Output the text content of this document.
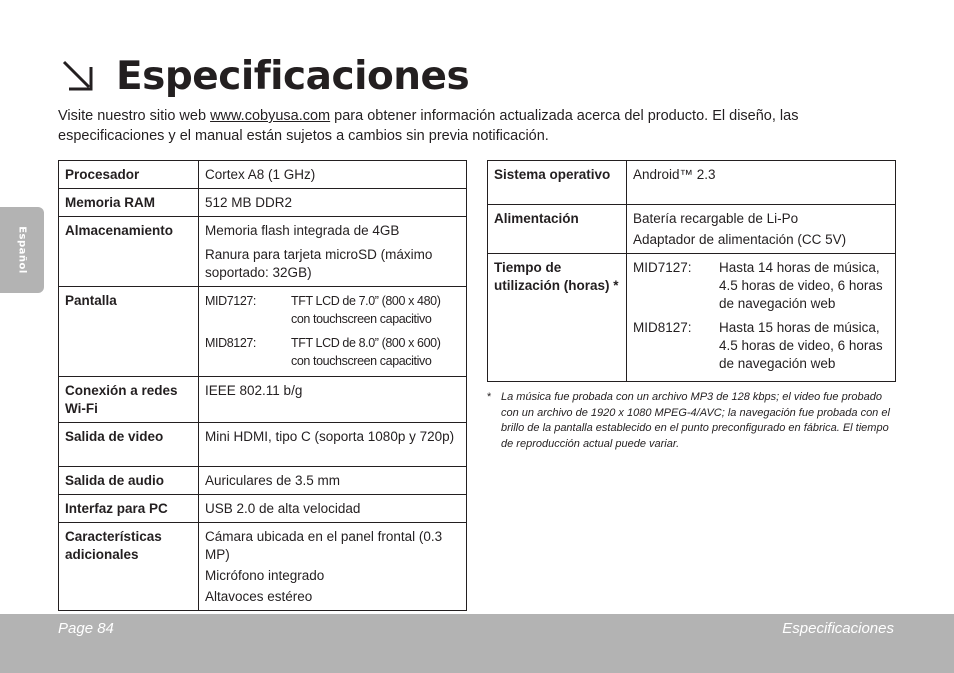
Español
Especificaciones

Visite nuestro sitio web www.cobyusa.com para obtener información actualizada acerca del producto. El diseño, las especificaciones y el manual están sujetos a cambios sin previa notificación.

Procesador	Cortex A8 (1 GHz)
Memoria RAM	512 MB DDR2
Almacenamiento	Memoria flash integrada de 4GB
Ranura para tarjeta microSD (máximo soportado: 32GB)

Pantalla	MID7127: TFT LCD de 7.0” (800 x 480) con touchscreen capacitivo
MID8127: TFT LCD de 8.0” (800 x 600) con touchscreen capacitivo

Conexión a redes Wi-Fi	IEEE 802.11 b/g
Salida de video	Mini HDMI, tipo C (soporta 1080p y 720p)
Salida de audio	Auriculares de 3.5 mm
Interfaz para PC	USB 2.0 de alta velocidad
Características adicionales	Cámara ubicada en el panel frontal (0.3 MP)
Micrófono integrado
Altavoces estéreo
Sistema operativo	Android™ 2.3
Alimentación	Batería recargable de Li-Po
Adaptador de alimentación (CC 5V)

Tiempo de utilización (horas) *	MID7127: Hasta 14 horas de música, 4.5 horas de video, 6 horas de navegación web
MID8127: Hasta 15 horas de música, 4.5 horas de video, 6 horas de navegación web
* La música fue probada con un archivo MP3 de 128 kbps; el video fue probado con un archivo de 1920 x 1080 MPEG-4/AVC; la navegación fue probada con el brillo de la pantalla establecido en el punto preconfigurado en fábrica. El tiempo de reproducción actual puede variar.
Page 84	Especificaciones
